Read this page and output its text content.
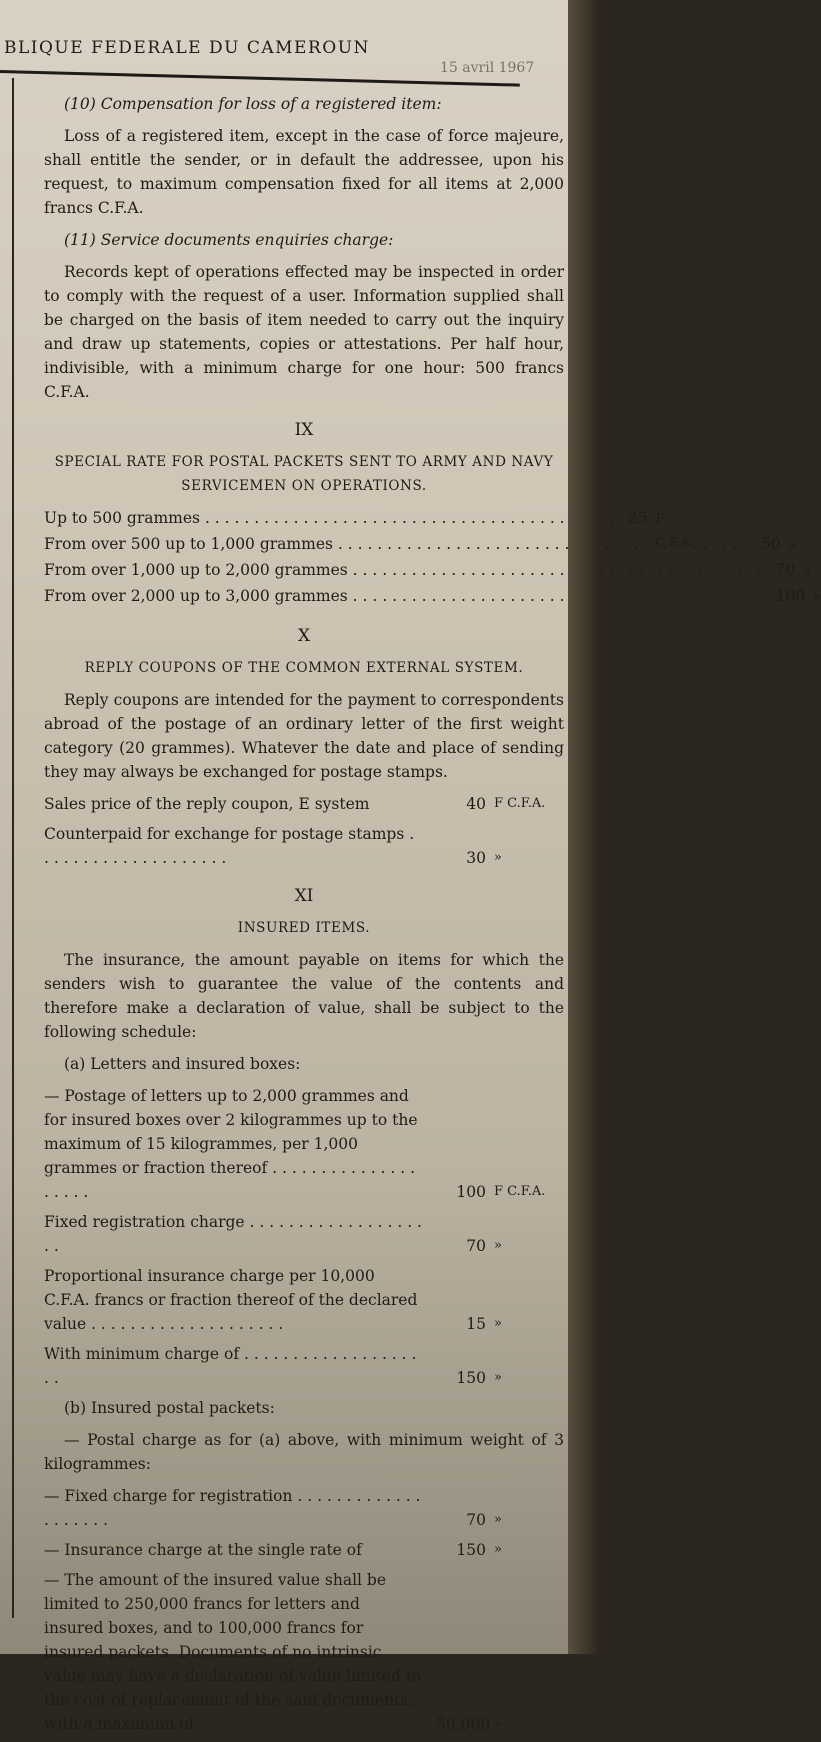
BLIQUE FEDERALE DU CAMEROUN
15 avril 1967

(10) Compensation for loss of a registered item:

Loss of a registered item, except in the case of force majeure, shall entitle the sender, or in default the addressee, upon his request, to maximum compensation fixed for all items at 2,000 francs C.F.A.

(11) Service documents enquiries charge:

Records kept of operations effected may be inspected in order to comply with the request of a user. Information supplied shall be charged on the basis of item needed to carry out the inquiry and draw up statements, copies or attestations. Per half hour, indivisible, with a minimum charge for one hour: 500 francs C.F.A.

IX
SPECIAL RATE FOR POSTAL PACKETS SENT TO ARMY AND NAVY SERVICEMEN ON OPERATIONS.
Up to 500 grammes . . .	25 F C.F.A.
From over 500 up to 1,000 grammes . . .	50 »
From over 1,000 up to 2,000 grammes . . .	70 »
From over 2,000 up to 3,000 grammes . . .	100 »
X
REPLY COUPONS OF THE COMMON EXTERNAL SYSTEM.

Reply coupons are intended for the payment to correspondents abroad of the postage of an ordinary letter of the first weight category (20 grammes). Whatever the date and place of sending they may always be exchanged for postage stamps.

Sales price of the reply coupon, E system	40 F C.F.A.
Counterpaid for exchange for postage stamps . . .
30 »
XI
INSURED ITEMS.

The insurance, the amount payable on items for which the senders wish to guarantee the value of the contents and therefore make a declaration of value, shall be subject to the following schedule:

(a) Letters and insured boxes:

— Postage of letters up to 2,000 grammes and for insured boxes over 2 kilogrammes up to the maximum of 15 kilogrammes, per 1,000 grammes or fraction thereof . . .
100 F C.F.A.
Fixed registration charge . . .
70 »
Proportional insurance charge per 10,000 C.F.A. francs or fraction thereof of the declared value . . .	15 »
With minimum charge of . . .
150 »

(b) Insured postal packets:

— Postal charge as for (a) above, with minimum weight of 3 kilogrammes:

— Fixed charge for registration . . .
70 »
— Insurance charge at the single rate of	150 »
— The amount of the insured value shall be limited to 250,000 francs for letters and insured boxes, and to 100,000 francs for insured packets. Documents of no intrinsic value may have a declaration of value limited to the cost of replacement of the said documents, with a maximum of . . .	50,000 »
